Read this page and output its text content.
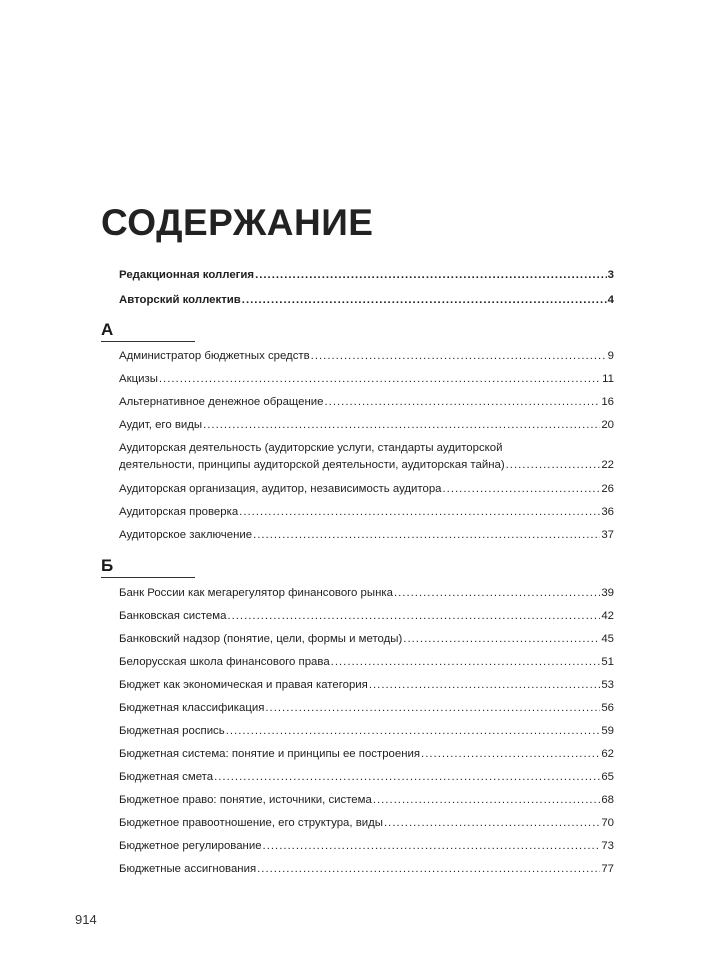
СОДЕРЖАНИЕ
Редакционная коллегия .....	3
Авторский коллектив .....	4
А
Администратор бюджетных средств .....	9
Акцизы .....	11
Альтернативное денежное обращение .....	16
Аудит, его виды .....	20
Аудиторская деятельность (аудиторские услуги, стандарты аудиторской
деятельности, принципы аудиторской деятельности, аудиторская тайна) .....	22
Аудиторская организация, аудитор, независимость аудитора .....	26
Аудиторская проверка .....	36
Аудиторское заключение .....	37
Б
Банк России как мегарегулятор финансового рынка .....	39
Банковская система .....	42
Банковский надзор (понятие, цели, формы и методы) .....	45
Белорусская школа финансового права .....	51
Бюджет как экономическая и правая категория .....	53
Бюджетная классификация .....	56
Бюджетная роспись .....	59
Бюджетная система: понятие и принципы ее построения .....	62
Бюджетная смета .....	65
Бюджетное право: понятие, источники, система .....	68
Бюджетное правоотношение, его структура, виды .....	70
Бюджетное регулирование .....	73
Бюджетные ассигнования .....	77
914
